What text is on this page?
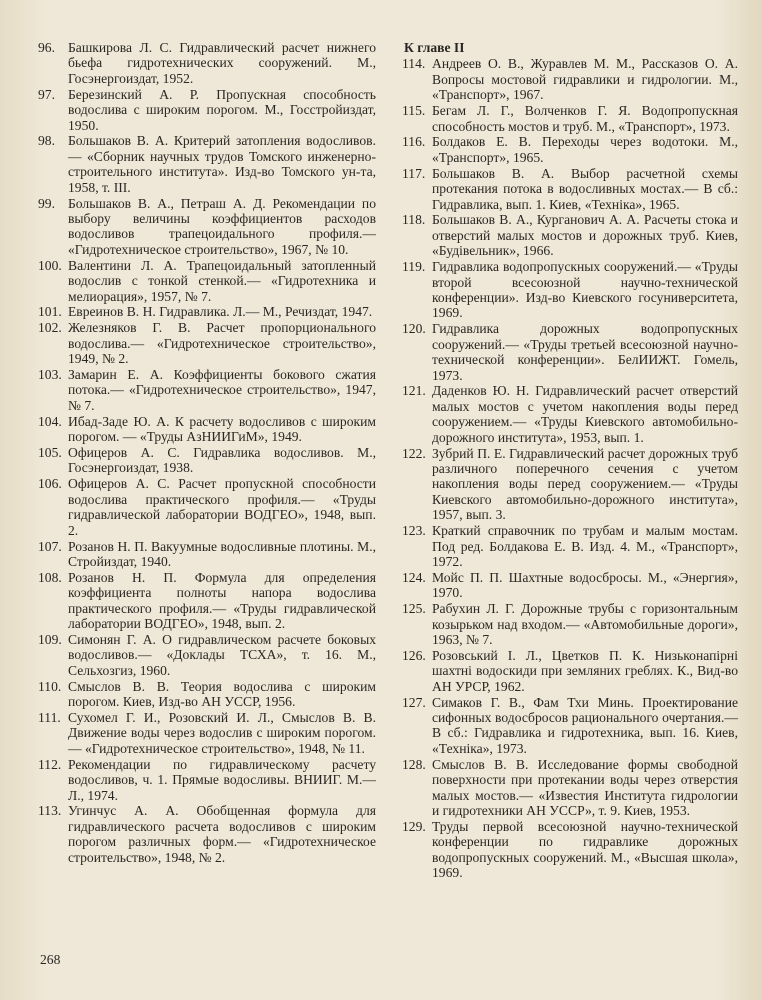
96. Башкирова Л. С. Гидравлический расчет нижнего бьефа гидротехнических сооружений. М., Госэнергоиздат, 1952.
97. Березинский А. Р. Пропускная способность водослива с широким порогом. М., Госстройиздат, 1950.
98. Большаков В. А. Критерий затопления водосливов.— «Сборник научных трудов Томского инженерно-строительного института». Изд-во Томского ун-та, 1958, т. III.
99. Большаков В. А., Петраш А. Д. Рекомендации по выбору величины коэффициентов расходов водосливов трапецоидального профиля.— «Гидротехническое строительство», 1967, № 10.
100. Валентини Л. А. Трапецоидальный затопленный водослив с тонкой стенкой.— «Гидротехника и мелиорация», 1957, № 7.
101. Евреинов В. Н. Гидравлика. Л.— М., Речиздат, 1947.
102. Железняков Г. В. Расчет пропорционального водослива.— «Гидротехническое строительство», 1949, № 2.
103. Замарин Е. А. Коэффициенты бокового сжатия потока.— «Гидротехническое строительство», 1947, № 7.
104. Ибад-Заде Ю. А. К расчету водосливов с широким порогом. — «Труды АзНИИГиМ», 1949.
105. Офицеров А. С. Гидравлика водосливов. М., Госэнергоиздат, 1938.
106. Офицеров А. С. Расчет пропускной способности водослива практического профиля.— «Труды гидравлической лаборатории ВОДГЕО», 1948, вып. 2.
107. Розанов Н. П. Вакуумные водосливные плотины. М., Стройиздат, 1940.
108. Розанов Н. П. Формула для определения коэффициента полноты напора водослива практического профиля.— «Труды гидравлической лаборатории ВОДГЕО», 1948, вып. 2.
109. Симонян Г. А. О гидравлическом расчете боковых водосливов.— «Доклады ТСХА», т. 16. М., Сельхозгиз, 1960.
110. Смыслов В. В. Теория водослива с широким порогом. Киев, Изд-во АН УССР, 1956.
111. Сухомел Г. И., Розовский И. Л., Смыслов В. В. Движение воды через водослив с широким порогом. — «Гидротехническое строительство», 1948, № 11.
112. Рекомендации по гидравлическому расчету водосливов, ч. 1. Прямые водосливы. ВНИИГ. М.—Л., 1974.
113. Угинчус А. А. Обобщенная формула для гидравлического расчета водосливов с широким порогом различных форм.— «Гидротехническое строительство», 1948, № 2.
К главе II
114. Андреев О. В., Журавлев М. М., Рассказов О. А. Вопросы мостовой гидравлики и гидрологии. М., «Транспорт», 1967.
115. Бегам Л. Г., Волченков Г. Я. Водопропускная способность мостов и труб. М., «Транспорт», 1973.
116. Болдаков Е. В. Переходы через водотоки. М., «Транспорт», 1965.
117. Большаков В. А. Выбор расчетной схемы протекания потока в водосливных мостах.— В сб.: Гидравлика, вып. 1. Киев, «Техніка», 1965.
118. Большаков В. А., Курганович А. А. Расчеты стока и отверстий малых мостов и дорожных труб. Киев, «Будівельник», 1966.
119. Гидравлика водопропускных сооружений.— «Труды второй всесоюзной научно-технической конференции». Изд-во Киевского госуниверситета, 1969.
120. Гидравлика дорожных водопропускных сооружений.— «Труды третьей всесоюзной научно-технической конференции». БелИИЖТ. Гомель, 1973.
121. Даденков Ю. Н. Гидравлический расчет отверстий малых мостов с учетом накопления воды перед сооружением.— «Труды Киевского автомобильно-дорожного института», 1953, вып. 1.
122. Зубрий П. Е. Гидравлический расчет дорожных труб различного поперечного сечения с учетом накопления воды перед сооружением.— «Труды Киевского автомобильно-дорожного института», 1957, вып. 3.
123. Краткий справочник по трубам и малым мостам. Под ред. Болдакова Е. В. Изд. 4. М., «Транспорт», 1972.
124. Мойс П. П. Шахтные водосбросы. М., «Энергия», 1970.
125. Рабухин Л. Г. Дорожные трубы с горизонтальным козырьком над входом.— «Автомобильные дороги», 1963, № 7.
126. Розовський І. Л., Цветков П. К. Низьконапірні шахтні водоскиди при земляних греблях. К., Вид-во АН УРСР, 1962.
127. Симаков Г. В., Фам Тхи Минь. Проектирование сифонных водосбросов рационального очертания.— В сб.: Гидравлика и гидротехника, вып. 16. Киев, «Техніка», 1973.
128. Смыслов В. В. Исследование формы свободной поверхности при протекании воды через отверстия малых мостов.— «Известия Института гидрологии и гидротехники АН УССР», т. 9. Киев, 1953.
129. Труды первой всесоюзной научно-технической конференции по гидравлике дорожных водопропускных сооружений. М., «Высшая школа», 1969.
268
